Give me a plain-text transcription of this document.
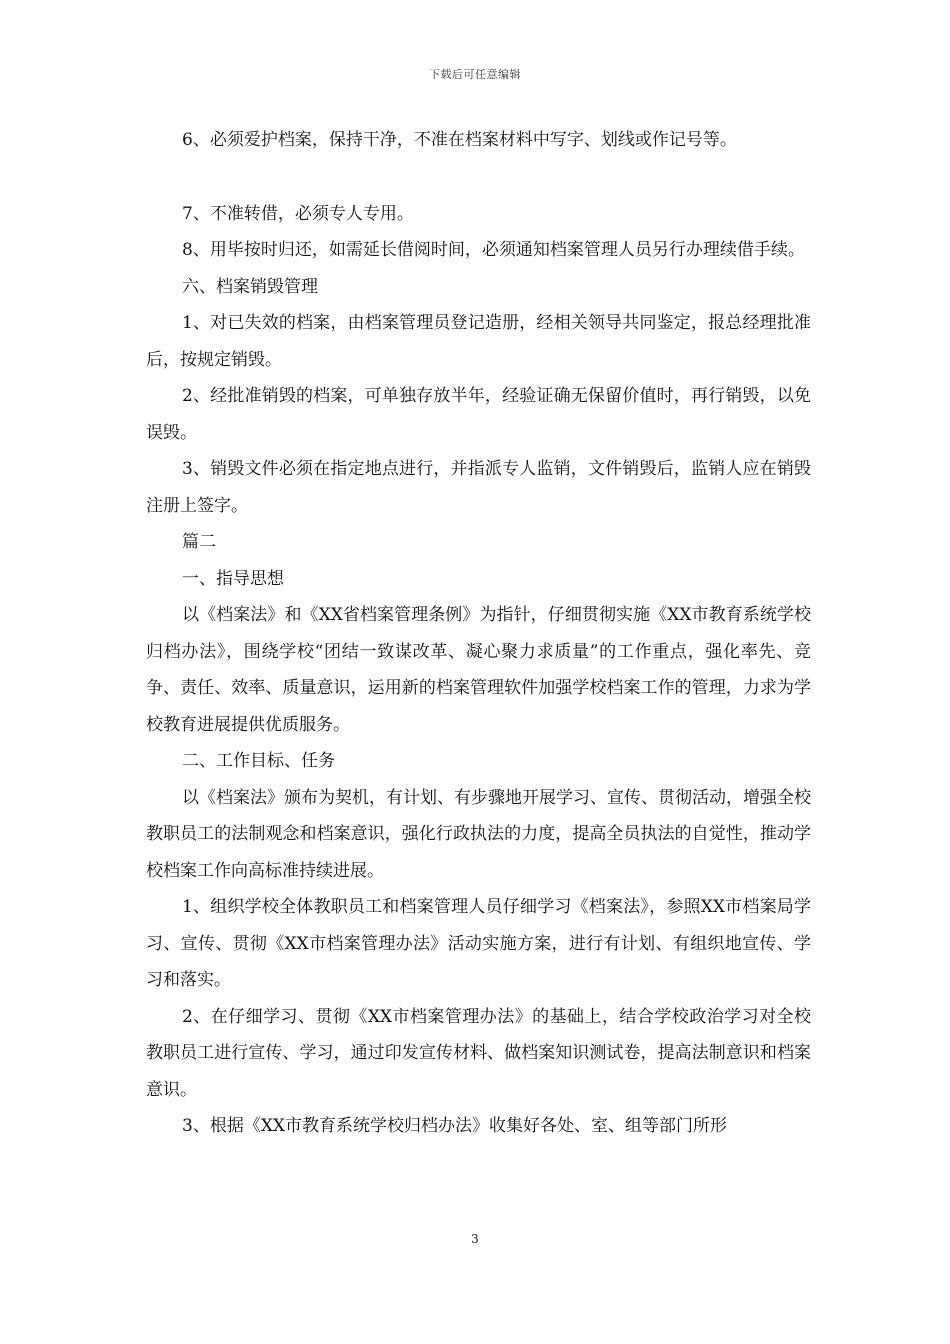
下载后可任意编辑

6、必须爱护档案，保持干净，不准在档案材料中写字、划线或作记号等。

7、不准转借，必须专人专用。

8、用毕按时归还，如需延长借阅时间，必须通知档案管理人员另行办理续借手续。

六、档案销毁管理

1、对已失效的档案，由档案管理员登记造册，经相关领导共同鉴定，报总经理批准后，按规定销毁。

2、经批准销毁的档案，可单独存放半年，经验证确无保留价值时，再行销毁，以免误毁。

3、销毁文件必须在指定地点进行，并指派专人监销，文件销毁后，监销人应在销毁注册上签字。

篇二

一、指导思想

以《档案法》和《XX省档案管理条例》为指针，仔细贯彻实施《XX市教育系统学校归档办法》，围绕学校“团结一致谋改革、凝心聚力求质量”的工作重点，强化率先、竞争、责任、效率、质量意识，运用新的档案管理软件加强学校档案工作的管理，力求为学校教育进展提供优质服务。

二、工作目标、任务

以《档案法》颁布为契机，有计划、有步骤地开展学习、宣传、贯彻活动，增强全校教职员工的法制观念和档案意识，强化行政执法的力度，提高全员执法的自觉性，推动学校档案工作向高标准持续进展。

1、组织学校全体教职员工和档案管理人员仔细学习《档案法》，参照XX市档案局学习、宣传、贯彻《XX市档案管理办法》活动实施方案，进行有计划、有组织地宣传、学习和落实。

2、在仔细学习、贯彻《XX市档案管理办法》的基础上，结合学校政治学习对全校教职员工进行宣传、学习，通过印发宣传材料、做档案知识测试卷，提高法制意识和档案意识。

3、根据《XX市教育系统学校归档办法》收集好各处、室、组等部门所形

3
